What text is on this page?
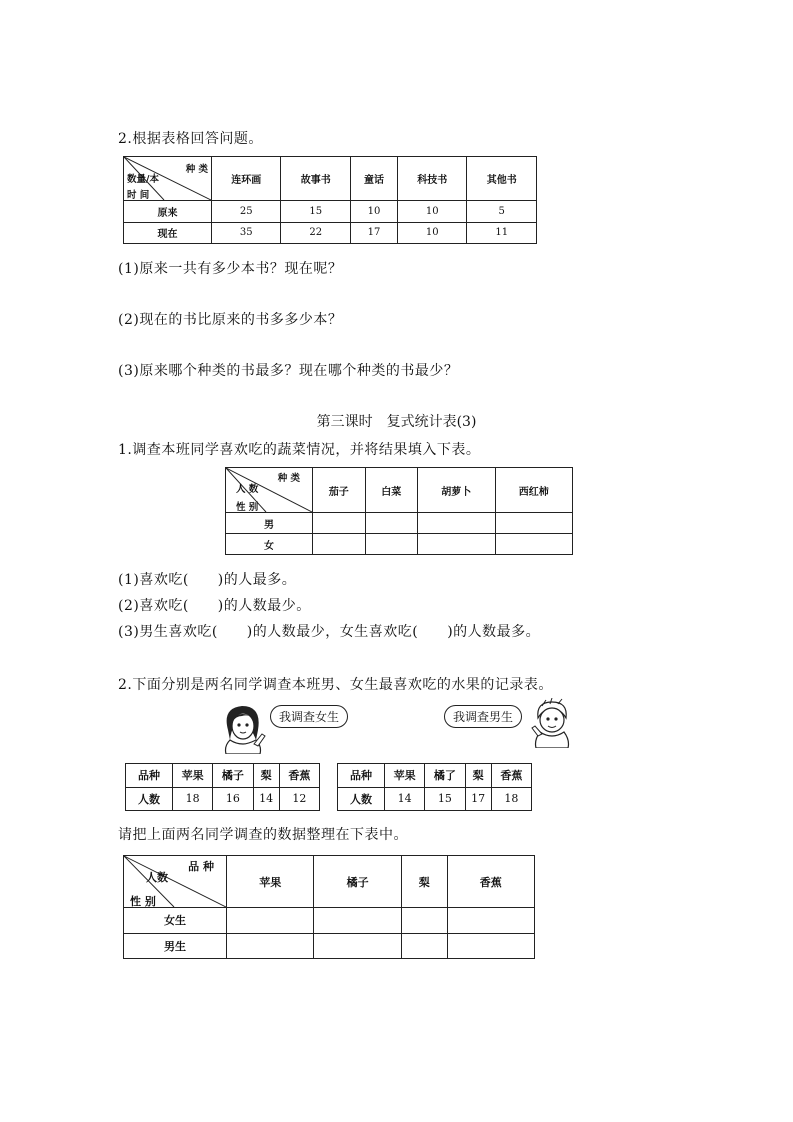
2.根据表格回答问题。
种 类
数量/本
时 间	连环画	故事书	童话	科技书	其他书
原来	25	15	10	10	5
现在	35	22	17	10	11
(1)原来一共有多少本书？现在呢？
(2)现在的书比原来的书多多少本？
(3)原来哪个种类的书最多？现在哪个种类的书最少？
第三课时　复式统计表(3)
1.调查本班同学喜欢吃的蔬菜情况，并将结果填入下表。
种 类
人 数
性 别	茄子	白菜	胡萝卜	西红柿
男				
女				
(1)喜欢吃(　　)的人最多。
(2)喜欢吃(　　)的人数最少。
(3)男生喜欢吃(　　)的人数最少，女生喜欢吃(　　)的人数最多。
2.下面分别是两名同学调查本班男、女生最喜欢吃的水果的记录表。
我调查女生	我调查男生
品种	苹果	橘子	梨	香蕉
人数	18	16	14	12
品种	苹果	橘了	梨	香蕉
人数	14	15	17	18
请把上面两名同学调查的数据整理在下表中。
品 种
人数
性 别	苹果	橘子	梨	香蕉
女生				
男生				
